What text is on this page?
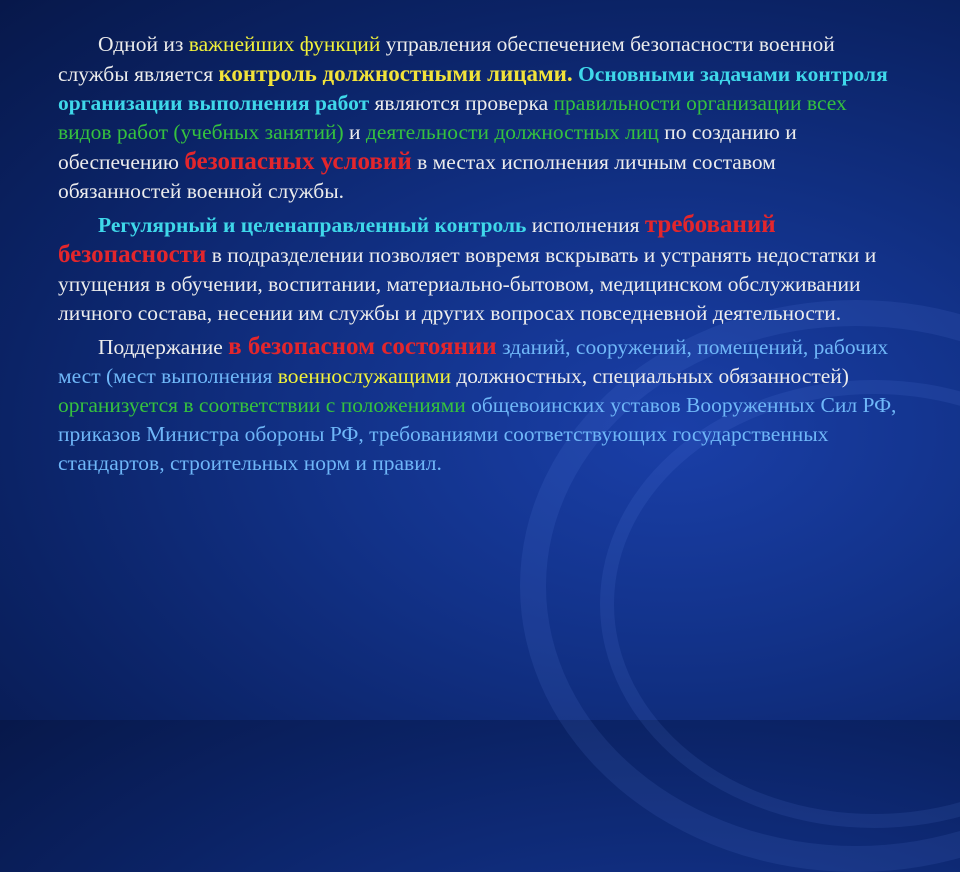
Одной из важнейших функций управления обеспечением безопасности военной службы является контроль должностными лицами. Основными задачами контроля организации выполнения работ являются проверка правильности организации всех видов работ (учебных занятий) и деятельности должностных лиц по созданию и обеспечению безопасных условий в местах исполнения личным составом обязанностей военной службы.

Регулярный и целенаправленный контроль исполнения требований безопасности в подразделении позволяет вовремя вскрывать и устранять недостатки и упущения в обучении, воспитании, материально-бытовом, медицинском обслуживании личного состава, несении им службы и других вопросах повседневной деятельности.

Поддержание в безопасном состоянии зданий, сооружений, помещений, рабочих мест (мест выполнения военнослужащими должностных, специальных обязанностей) организуется в соответствии с положениями общевоинских уставов Вооруженных Сил РФ, приказов Министра обороны РФ, требованиями соответствующих государственных стандартов, строительных норм и правил.
